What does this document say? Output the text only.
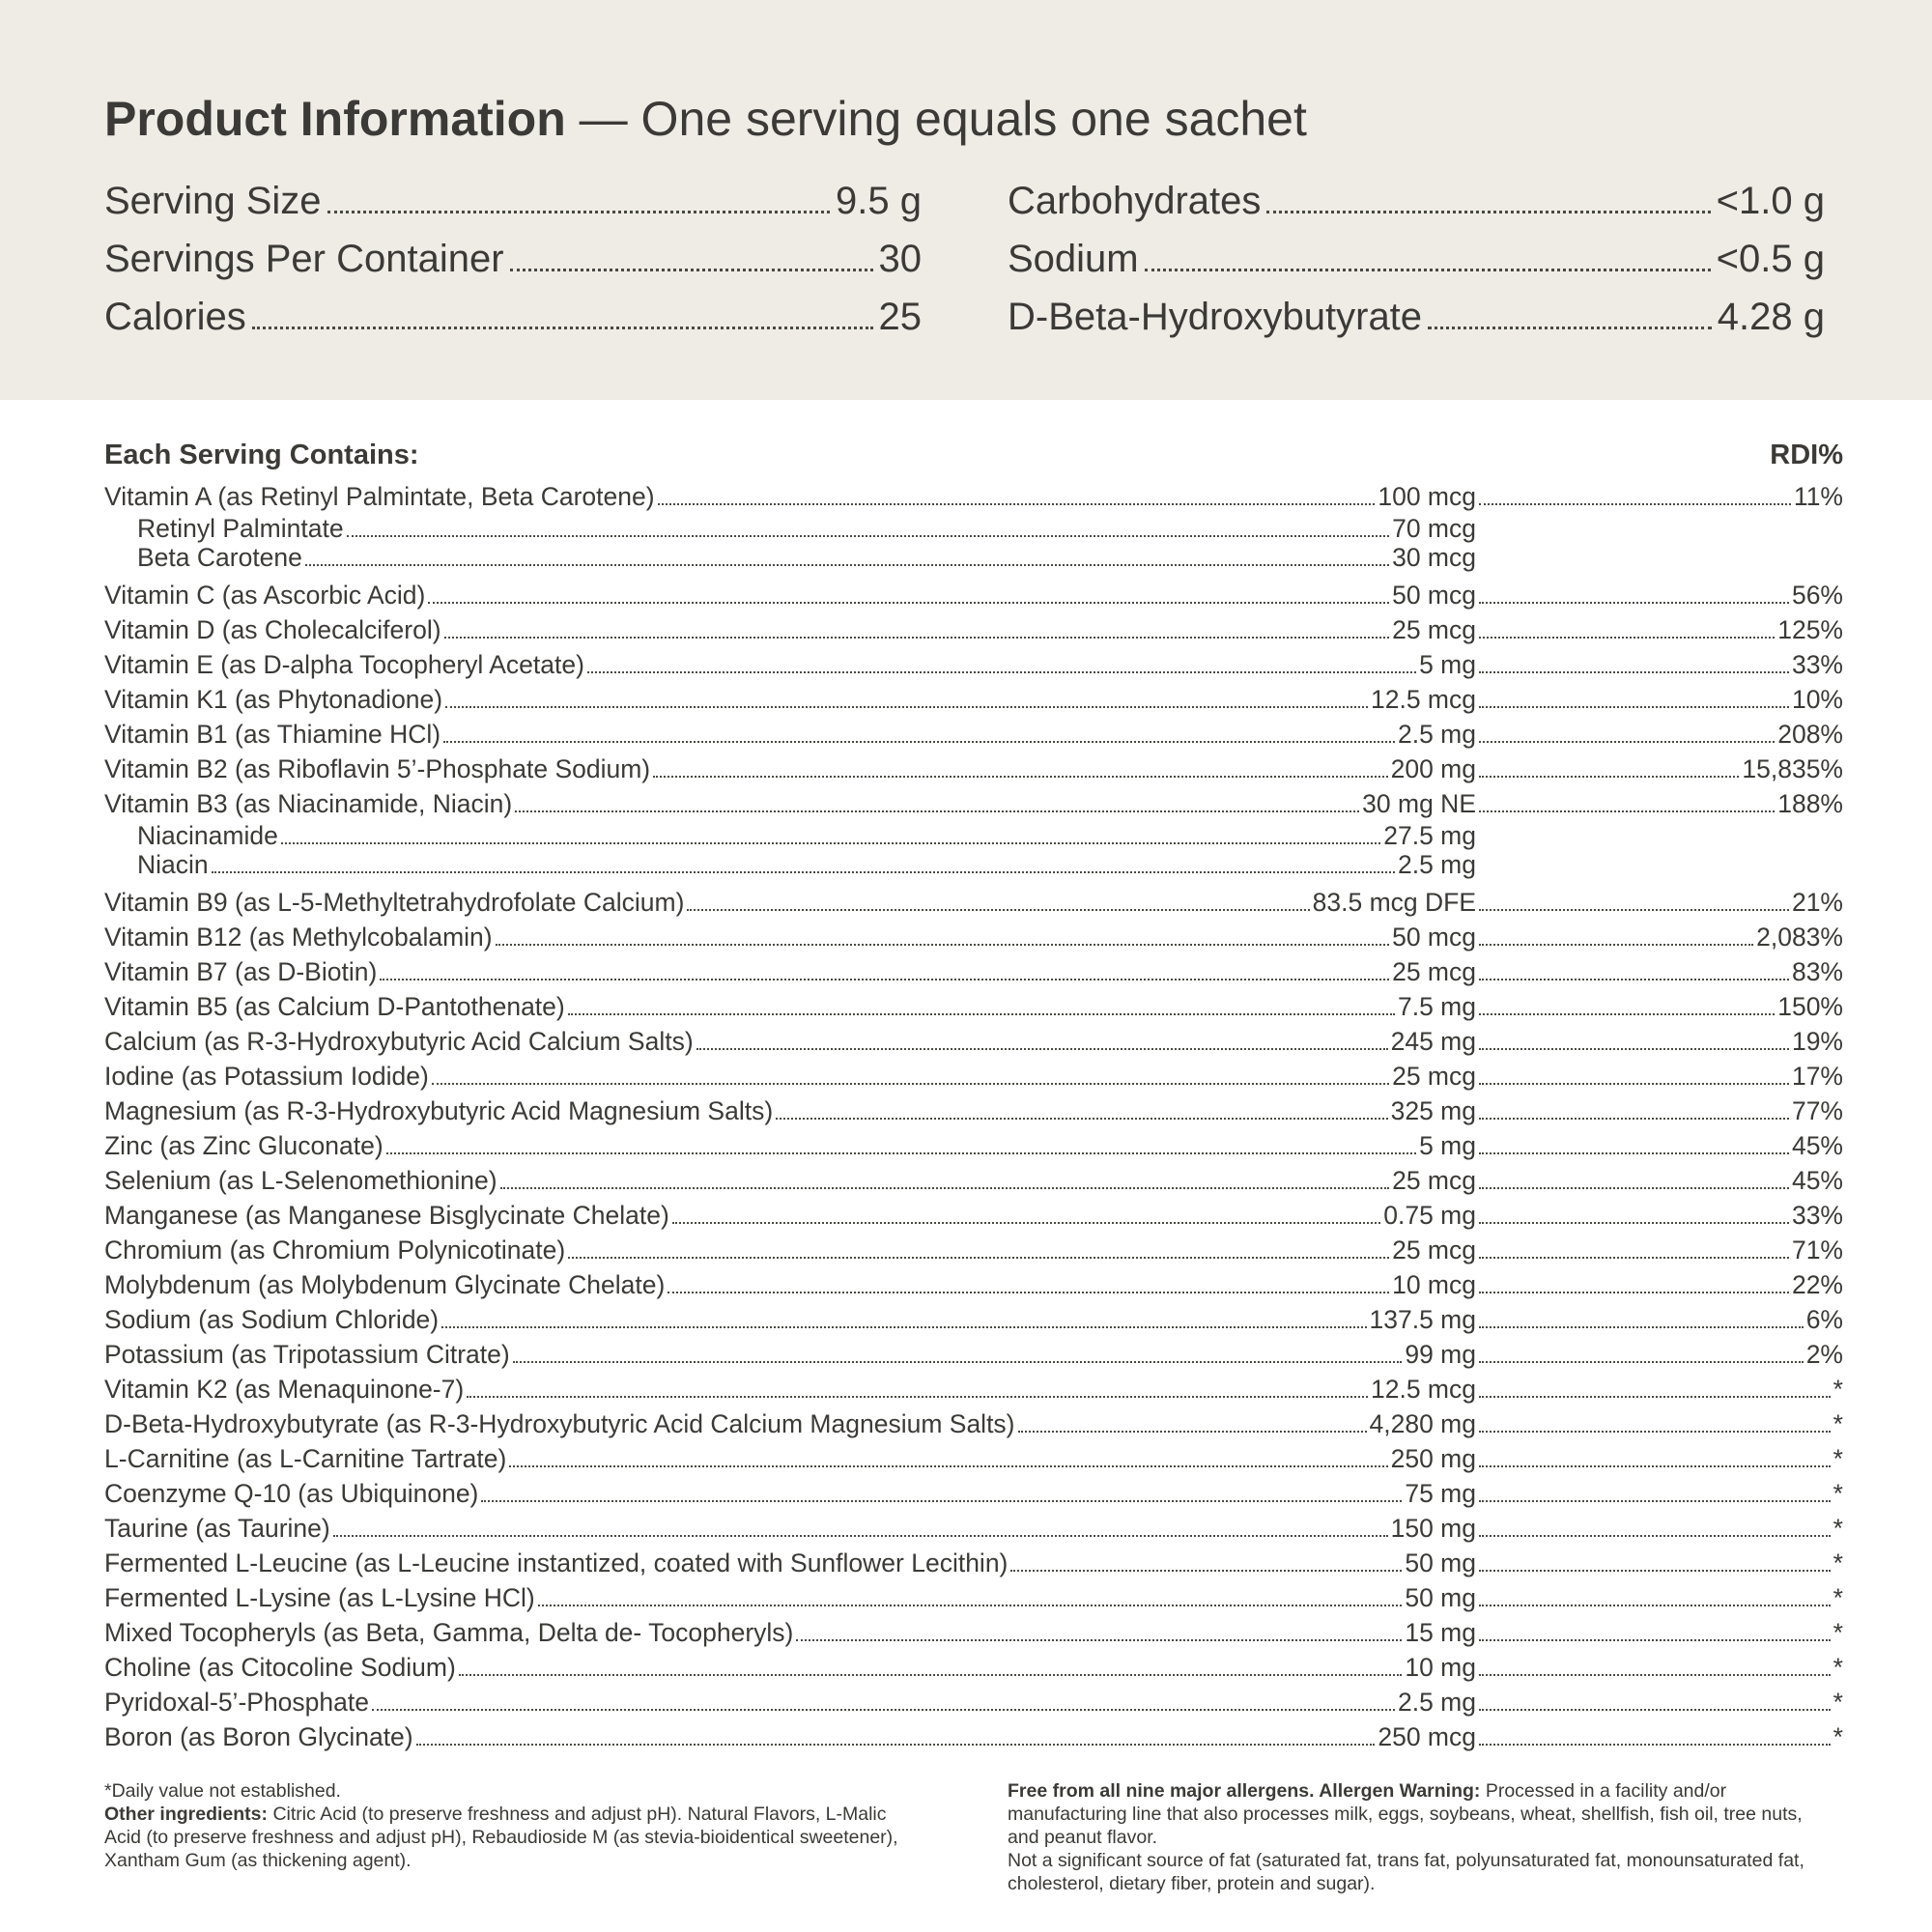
Product Information — One serving equals one sachet
Serving Size	9.5 g
Servings Per Container	30
Calories	25
Carbohydrates	<1.0 g
Sodium	<0.5 g
D-Beta-Hydroxybutyrate	4.28 g
Each Serving Contains:	RDI%
Vitamin A (as Retinyl Palmintate, Beta Carotene)	100 mcg	11%
Retinyl Palmintate	70 mcg
Beta Carotene	30 mcg
Vitamin C (as Ascorbic Acid)	50 mcg	56%
Vitamin D (as Cholecalciferol)	25 mcg	125%
Vitamin E (as D-alpha Tocopheryl Acetate)	5 mg	33%
Vitamin K1 (as Phytonadione)	12.5 mcg	10%
Vitamin B1 (as Thiamine HCl)	2.5 mg	208%
Vitamin B2 (as Riboflavin 5’-Phosphate Sodium)	200 mg	15,835%
Vitamin B3 (as Niacinamide, Niacin)	30 mg NE	188%
Niacinamide	27.5 mg
Niacin	2.5 mg
Vitamin B9 (as L-5-Methyltetrahydrofolate Calcium)	83.5 mcg DFE	21%
Vitamin B12 (as Methylcobalamin)	50 mcg	2,083%
Vitamin B7 (as D-Biotin)	25 mcg	83%
Vitamin B5 (as Calcium D-Pantothenate)	7.5 mg	150%
Calcium (as R-3-Hydroxybutyric Acid Calcium Salts)	245 mg	19%
Iodine (as Potassium Iodide)	25 mcg	17%
Magnesium (as R-3-Hydroxybutyric Acid Magnesium Salts)	325 mg	77%
Zinc (as Zinc Gluconate)	5 mg	45%
Selenium (as L-Selenomethionine)	25 mcg	45%
Manganese (as Manganese Bisglycinate Chelate)	0.75 mg	33%
Chromium (as Chromium Polynicotinate)	25 mcg	71%
Molybdenum (as Molybdenum Glycinate Chelate)	10 mcg	22%
Sodium (as Sodium Chloride)	137.5 mg	6%
Potassium (as Tripotassium Citrate)	99 mg	2%
Vitamin K2 (as Menaquinone-7)	12.5 mcg	*
D-Beta-Hydroxybutyrate (as R-3-Hydroxybutyric Acid Calcium Magnesium Salts)	4,280 mg	*
L-Carnitine (as L-Carnitine Tartrate)	250 mg	*
Coenzyme Q-10 (as Ubiquinone)	75 mg	*
Taurine (as Taurine)	150 mg	*
Fermented L-Leucine (as L-Leucine instantized, coated with Sunflower Lecithin)	50 mg	*
Fermented L-Lysine (as L-Lysine HCl)	50 mg	*
Mixed Tocopheryls (as Beta, Gamma, Delta de- Tocopheryls)	15 mg	*
Choline (as Citocoline Sodium)	10 mg	*
Pyridoxal-5’-Phosphate	2.5 mg	*
Boron (as Boron Glycinate)	250 mcg	*
*Daily value not established.
Other ingredients: Citric Acid (to preserve freshness and adjust pH). Natural Flavors, L-Malic Acid (to preserve freshness and adjust pH), Rebaudioside M (as stevia-bioidentical sweetener), Xantham Gum (as thickening agent).
Free from all nine major allergens. Allergen Warning: Processed in a facility and/or manufacturing line that also processes milk, eggs, soybeans, wheat, shellfish, fish oil, tree nuts, and peanut flavor.
Not a significant source of fat (saturated fat, trans fat, polyunsaturated fat, monounsaturated fat, cholesterol, dietary fiber, protein and sugar).
